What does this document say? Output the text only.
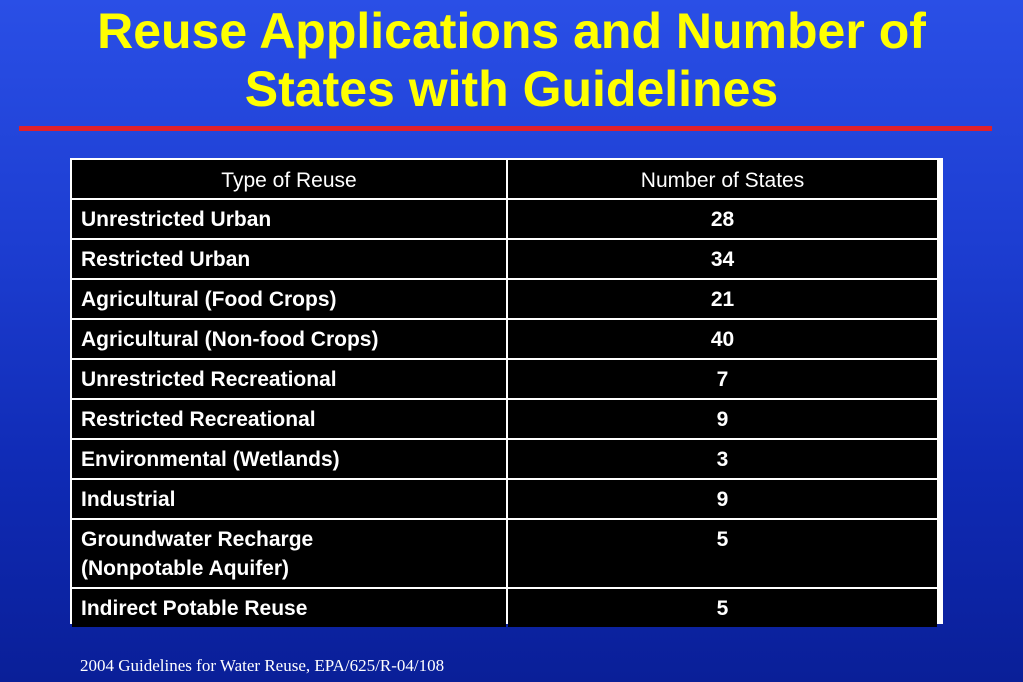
Reuse Applications and Number of
States with Guidelines
Type of Reuse	Number of States
Unrestricted Urban	28
Restricted Urban	34
Agricultural (Food Crops)	21
Agricultural (Non-food Crops)	40
Unrestricted Recreational	7
Restricted Recreational	9
Environmental (Wetlands)	3
Industrial	9

Groundwater Recharge
(Nonpotable Aquifer)	5
Indirect Potable Reuse	5
2004 Guidelines for Water Reuse, EPA/625/R-04/108
